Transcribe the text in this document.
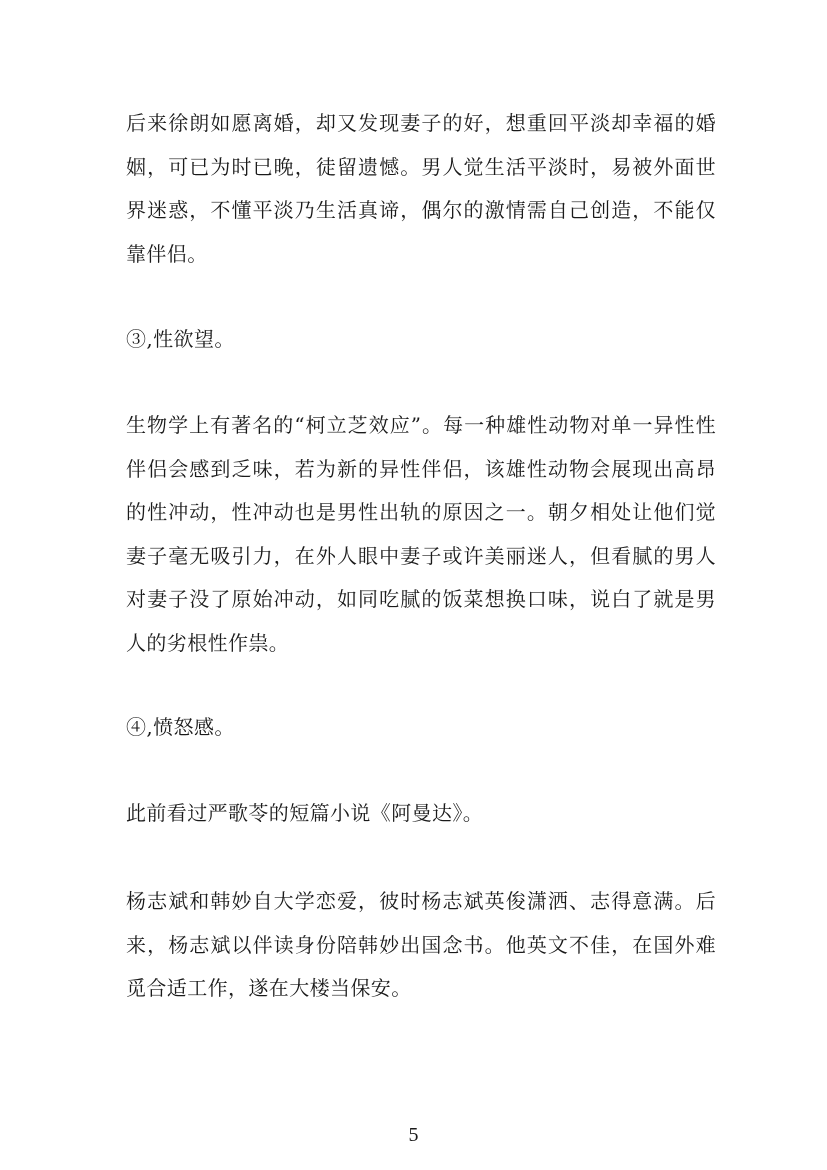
后来徐朗如愿离婚，却又发现妻子的好，想重回平淡却幸福的婚姻，可已为时已晚，徒留遗憾。男人觉生活平淡时，易被外面世界迷惑，不懂平淡乃生活真谛，偶尔的激情需自己创造，不能仅靠伴侣。

③,性欲望。

生物学上有著名的“柯立芝效应”。每一种雄性动物对单一异性性伴侣会感到乏味，若为新的异性伴侣，该雄性动物会展现出高昂的性冲动，性冲动也是男性出轨的原因之一。朝夕相处让他们觉妻子毫无吸引力，在外人眼中妻子或许美丽迷人，但看腻的男人对妻子没了原始冲动，如同吃腻的饭菜想换口味，说白了就是男人的劣根性作祟。

④,愤怒感。

此前看过严歌苓的短篇小说《阿曼达》。

杨志斌和韩妙自大学恋爱，彼时杨志斌英俊潇洒、志得意满。后来，杨志斌以伴读身份陪韩妙出国念书。他英文不佳，在国外难觅合适工作，遂在大楼当保安。

5
